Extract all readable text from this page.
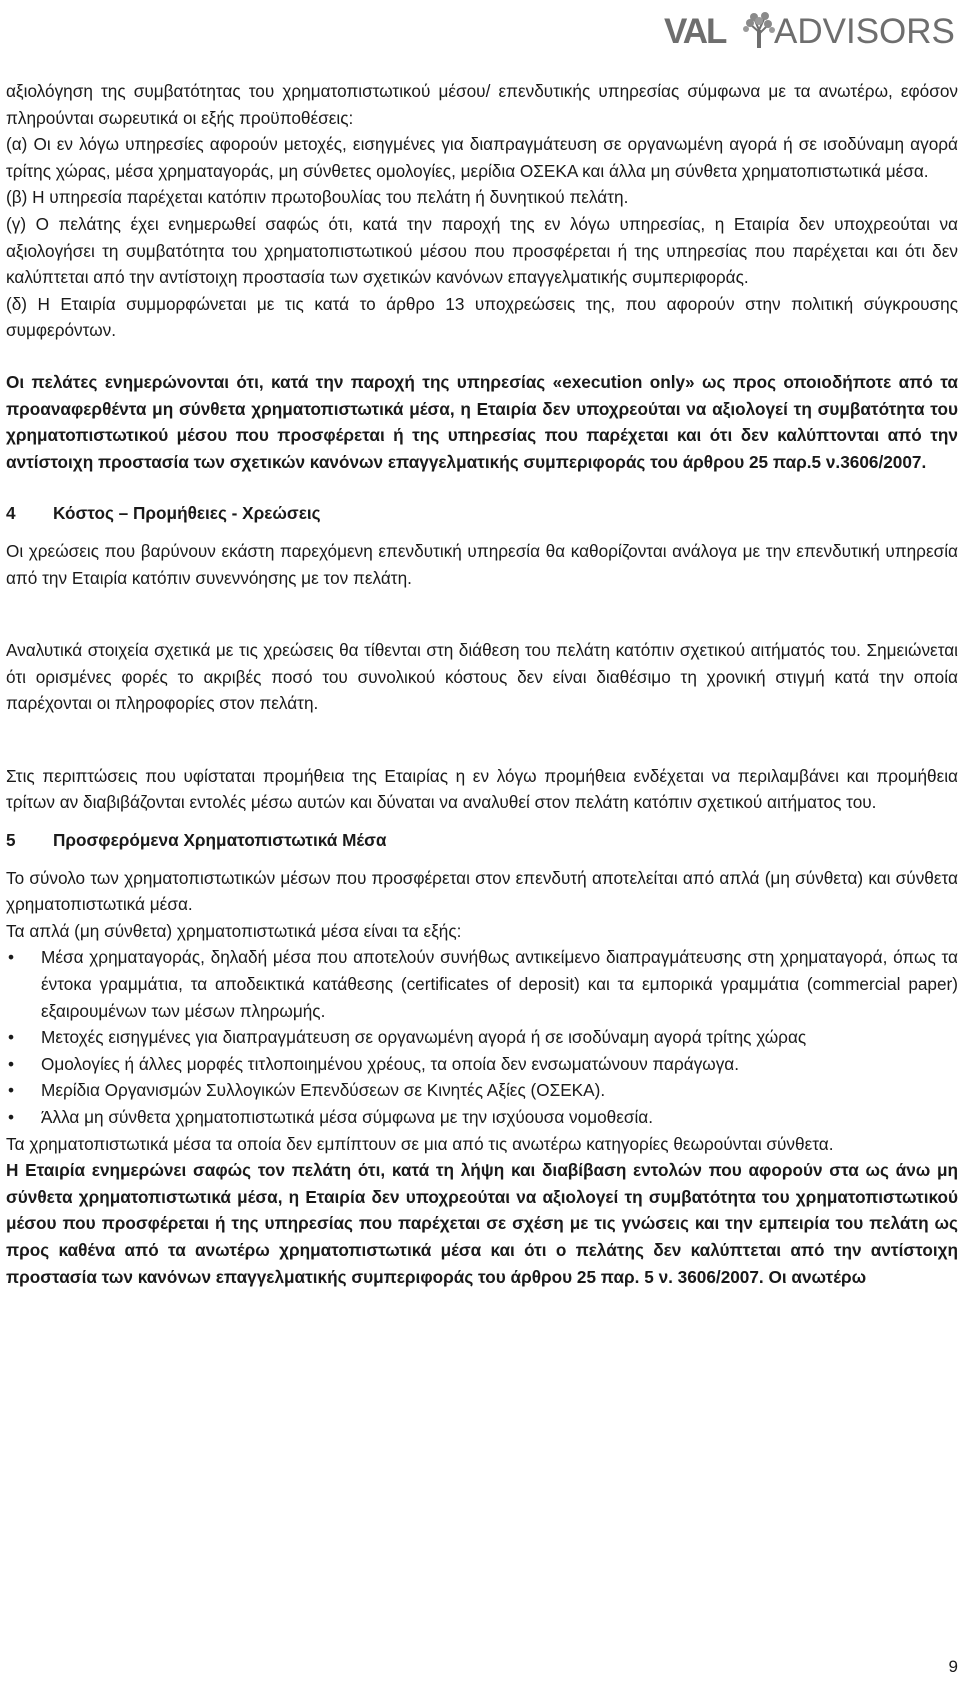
VAL ADVISORS

αξιολόγηση της συμβατότητας του χρηματοπιστωτικού μέσου/ επενδυτικής υπηρεσίας σύμφωνα με τα ανωτέρω, εφόσον πληρούνται σωρευτικά οι εξής προϋποθέσεις:

(α) Οι εν λόγω υπηρεσίες αφορούν μετοχές, εισηγμένες για διαπραγμάτευση σε οργανωμένη αγορά ή σε ισοδύναμη αγορά τρίτης χώρας, μέσα χρηματαγοράς, μη σύνθετες ομολογίες, μερίδια ΟΣΕΚΑ και άλλα μη σύνθετα χρηματοπιστωτικά μέσα.

(β) Η υπηρεσία παρέχεται κατόπιν πρωτοβουλίας του πελάτη ή δυνητικού πελάτη.

(γ) Ο πελάτης έχει ενημερωθεί σαφώς ότι, κατά την παροχή της εν λόγω υπηρεσίας, η Εταιρία δεν υποχρεούται να αξιολογήσει τη συμβατότητα του χρηματοπιστωτικού μέσου που προσφέρεται ή της υπηρεσίας που παρέχεται και ότι δεν καλύπτεται από την αντίστοιχη προστασία των σχετικών κανόνων επαγγελματικής συμπεριφοράς.

(δ) Η Εταιρία συμμορφώνεται με τις κατά το άρθρο 13 υποχρεώσεις της, που αφορούν στην πολιτική σύγκρουσης συμφερόντων.

Οι πελάτες ενημερώνονται ότι, κατά την παροχή της υπηρεσίας «execution only» ως προς οποιοδήποτε από τα προαναφερθέντα μη σύνθετα χρηματοπιστωτικά μέσα, η Εταιρία δεν υποχρεούται να αξιολογεί τη συμβατότητα του χρηματοπιστωτικού μέσου που προσφέρεται ή της υπηρεσίας που παρέχεται και ότι δεν καλύπτονται από την αντίστοιχη προστασία των σχετικών κανόνων επαγγελματικής συμπεριφοράς του άρθρου 25 παρ.5 ν.3606/2007.

4	Κόστος – Προμήθειες - Χρεώσεις

Οι χρεώσεις που βαρύνουν εκάστη παρεχόμενη επενδυτική υπηρεσία θα καθορίζονται ανάλογα με την επενδυτική υπηρεσία από την Εταιρία κατόπιν συνεννόησης με τον πελάτη.

Αναλυτικά στοιχεία σχετικά με τις χρεώσεις θα τίθενται στη διάθεση του πελάτη κατόπιν σχετικού αιτήματός του. Σημειώνεται ότι ορισμένες φορές το ακριβές ποσό του συνολικού κόστους δεν είναι διαθέσιμο τη χρονική στιγμή κατά την οποία παρέχονται οι πληροφορίες στον πελάτη.

Στις περιπτώσεις που υφίσταται προμήθεια της Εταιρίας η εν λόγω προμήθεια ενδέχεται να περιλαμβάνει και προμήθεια τρίτων αν διαβιβάζονται εντολές μέσω αυτών και δύναται να αναλυθεί στον πελάτη κατόπιν σχετικού αιτήματος του.

5	Προσφερόμενα Χρηματοπιστωτικά Μέσα

Το σύνολο των χρηματοπιστωτικών μέσων που προσφέρεται στον επενδυτή αποτελείται από απλά (μη σύνθετα) και σύνθετα χρηματοπιστωτικά μέσα.

Τα απλά (μη σύνθετα) χρηματοπιστωτικά μέσα είναι τα εξής:

• Μέσα χρηματαγοράς, δηλαδή μέσα που αποτελούν συνήθως αντικείμενο διαπραγμάτευσης στη χρηματαγορά, όπως τα έντοκα γραμμάτια, τα αποδεικτικά κατάθεσης (certificates of deposit) και τα εμπορικά γραμμάτια (commercial paper) εξαιρουμένων των μέσων πληρωμής.
• Μετοχές εισηγμένες για διαπραγμάτευση σε οργανωμένη αγορά ή σε ισοδύναμη αγορά τρίτης χώρας
• Ομολογίες ή άλλες μορφές τιτλοποιημένου χρέους, τα οποία δεν ενσωματώνουν παράγωγα.
• Μερίδια Οργανισμών Συλλογικών Επενδύσεων σε Κινητές Αξίες (ΟΣΕΚΑ).
• Άλλα μη σύνθετα χρηματοπιστωτικά μέσα σύμφωνα με την ισχύουσα νομοθεσία.

Τα χρηματοπιστωτικά μέσα τα οποία δεν εμπίπτουν σε μια από τις ανωτέρω κατηγορίες θεωρούνται σύνθετα.

Η Εταιρία ενημερώνει σαφώς τον πελάτη ότι, κατά τη λήψη και διαβίβαση εντολών που αφορούν στα ως άνω μη σύνθετα χρηματοπιστωτικά μέσα, η Εταιρία δεν υποχρεούται να αξιολογεί τη συμβατότητα του χρηματοπιστωτικού μέσου που προσφέρεται ή της υπηρεσίας που παρέχεται σε σχέση με τις γνώσεις και την εμπειρία του πελάτη ως προς καθένα από τα ανωτέρω χρηματοπιστωτικά μέσα και ότι ο πελάτης δεν καλύπτεται από την αντίστοιχη προστασία των κανόνων επαγγελματικής συμπεριφοράς του άρθρου 25 παρ. 5 ν. 3606/2007. Οι ανωτέρω

9
